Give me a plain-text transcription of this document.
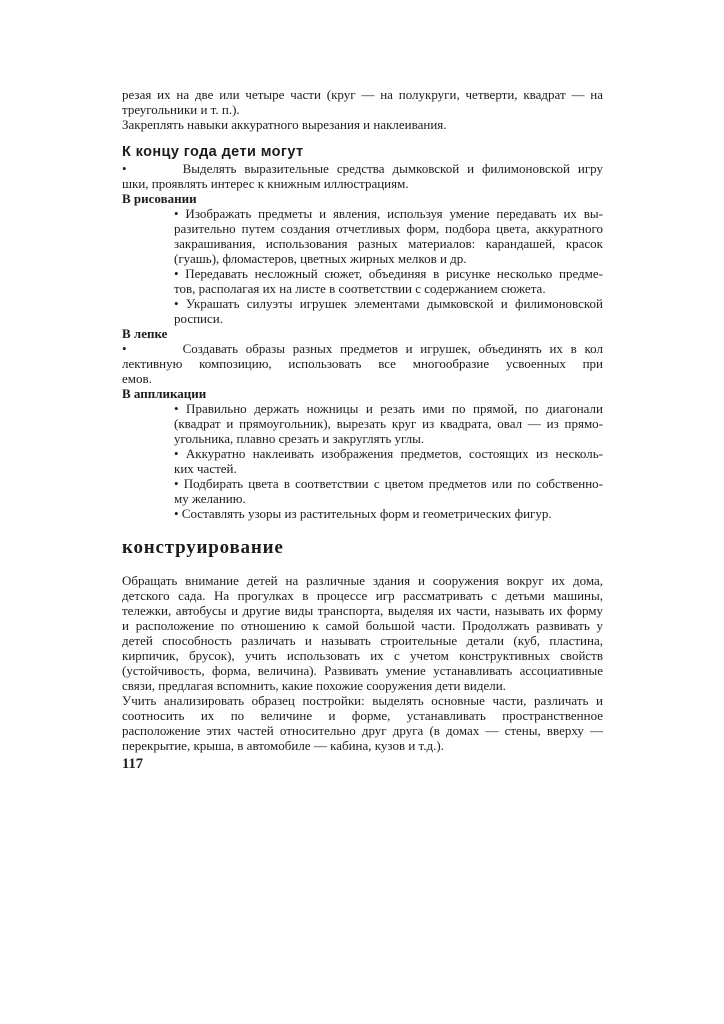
резая их на две или четыре части (круг — на полукруги, четверти, квадрат — на
треугольники и т. п.).
Закреплять навыки аккуратного вырезания и наклеивания.
К концу года дети могут
•	Выделять выразительные средства дымковской и филимоновской игру
шки, проявлять интерес к книжным иллюстрациям.
В рисовании
• Изображать предметы и явления, используя умение передавать их вы-
разительно путем создания отчетливых форм, подбора цвета, аккуратного
закрашивания, использования разных материалов: карандашей, красок
(гуашь), фломастеров, цветных жирных мелков и др.
• Передавать несложный сюжет, объединяя в рисунке несколько предме-
тов, располагая их на листе в соответствии с содержанием сюжета.
• Украшать силуэты игрушек элементами дымковской и филимоновской
росписи.
В лепке
•	Создавать образы разных предметов и игрушек, объединять их в кол
лективную композицию, использовать все многообразие усвоенных при
емов.
В аппликации
• Правильно держать ножницы и резать ими по прямой, по диагонали
(квадрат и прямоугольник), вырезать круг из квадрата, овал — из прямо-
угольника, плавно срезать и закруглять углы.
• Аккуратно наклеивать изображения предметов, состоящих из несколь-
ких частей.
• Подбирать цвета в соответствии с цветом предметов или по собственно-
му желанию.
• Составлять узоры из растительных форм и геометрических фигур.
конструирование
Обращать внимание детей на различные здания и сооружения вокруг их дома,
детского сада. На прогулках в процессе игр рассматривать с детьми машины,
тележки, автобусы и другие виды транспорта, выделяя их части, называть их форму
и расположение по отношению к самой большой части. Продолжать развивать у
детей способность различать и называть строительные детали (куб, пластина,
кирпичик, брусок), учить использовать их с учетом конструктивных свойств
(устойчивость, форма, величина). Развивать умение устанавливать ассоциативные
связи, предлагая вспомнить, какие похожие сооружения дети видели.
Учить анализировать образец постройки: выделять основные части, различать и
соотносить их по величине и форме, устанавливать пространственное
расположение этих частей относительно друг друга (в домах — стены, вверху —
перекрытие, крыша, в автомобиле — кабина, кузов и т.д.).
117
